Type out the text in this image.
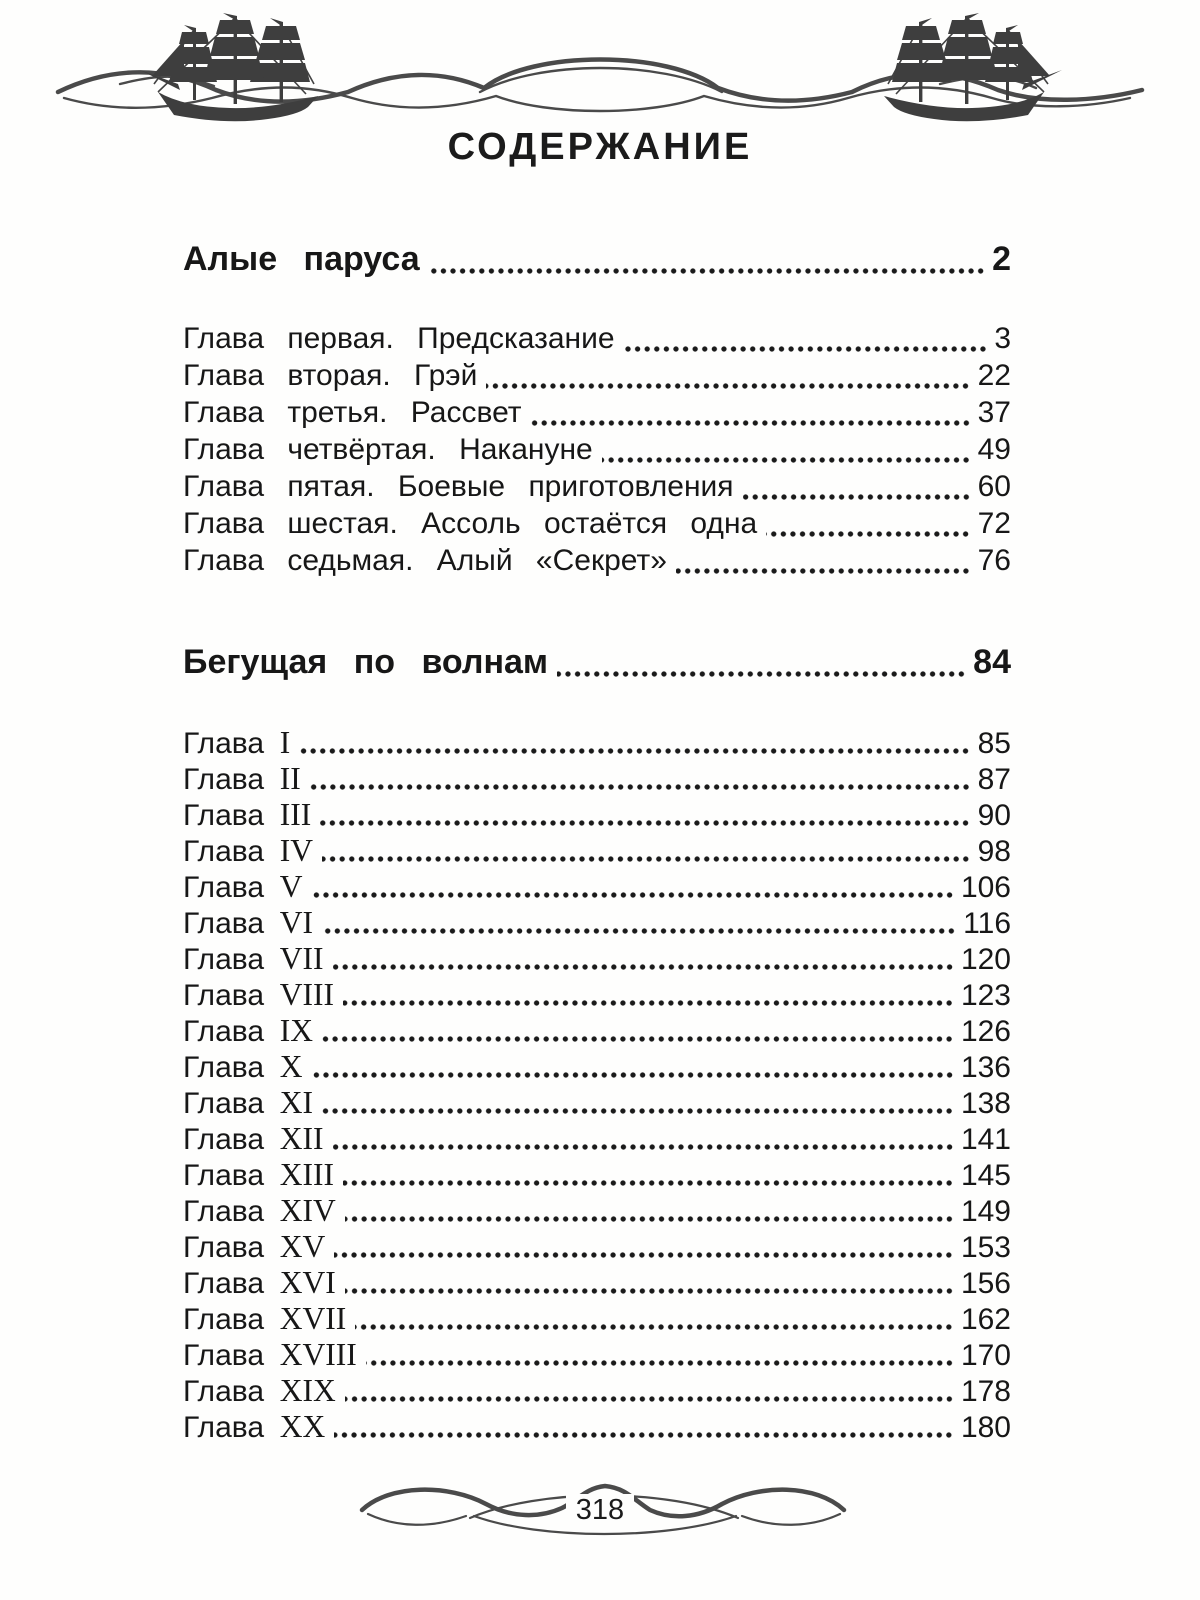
СОДЕРЖАНИЕ
Алые паруса	2
Глава первая. Предсказание	3
Глава вторая. Грэй	22
Глава третья. Рассвет	37
Глава четвёртая. Накануне	49
Глава пятая. Боевые приготовления	60
Глава шестая. Ассоль остаётся одна	72
Глава седьмая. Алый «Секрет»	76
Бегущая по волнам	84
Глава I	85
Глава II	87
Глава III	90
Глава IV	98
Глава V	106
Глава VI	116
Глава VII	120
Глава VIII	123
Глава IX	126
Глава X	136
Глава XI	138
Глава XII	141
Глава XIII	145
Глава XIV	149
Глава XV	153
Глава XVI	156
Глава XVII	162
Глава XVIII	170
Глава XIX	178
Глава XX	180
318
